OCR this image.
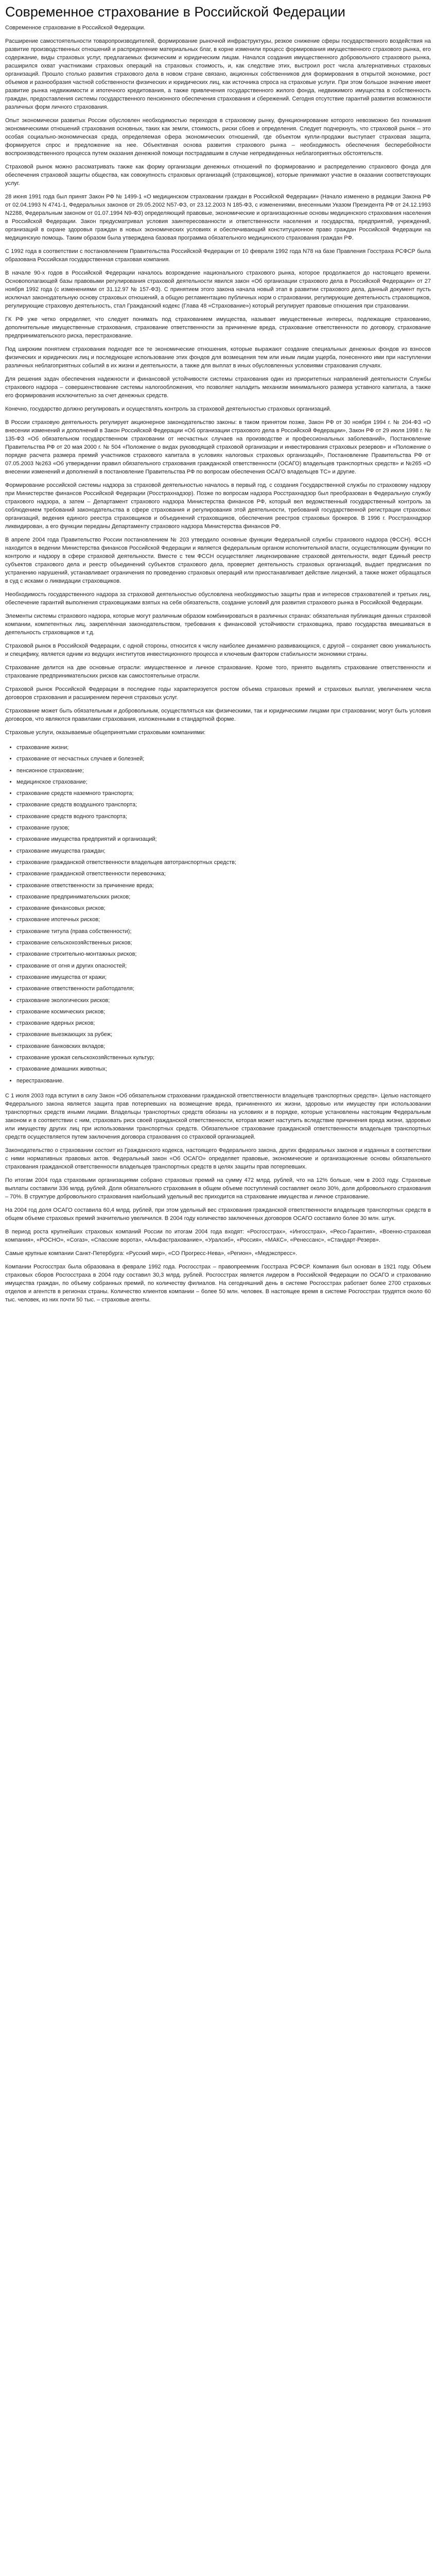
Современное страхование в Российской Федерации

Современное страхование в Российской Федерации.

Расширение самостоятельности товаропроизводителей, формирование рыночной инфраструктуры, резкое снижение сферы государственного воздействия на развитие производственных отношений и распределение материальных благ, в корне изменили процесс формирования имущественного страхового рынка, его содержание, виды страховых услуг, предлагаемых физическим и юридическим лицам. Начался создания имущественного добровольного страхового рынка, расширился охват участниками страховых операций на страховых стоимость, и, как следствие этих, выстроил рост числа альтернативных страховых организаций. Прошло столько развития страхового дела в новом стране связано, акционных собственников для формирования в открытой экономике, рост объемов и разнообразия частной собственности физических и юридических лиц, как источника спроса на страховые услуги. При этом большое значение имеет развитие рынка недвижимости и ипотечного кредитования, а также привлечения государственного жилого фонда, недвижимого имущества в собственность граждан, предоставления системы государственного пенсионного обеспечения страхования и сбережений. Сегодня отсутствие гарантий развития возможности различных форм личного страхования.

Опыт экономически развитых России обусловлен необходимостью переходов в страховому рынку, функционирование которого невозможно без понимания экономическими отношений страхования основных, таких как земли, стоимость, риски сбоев и определения. Следует подчеркнуть, что страховой рынок – это особая социально-экономическая среда, определяемая сфера экономических отношений, где объектом купли-продажи выступает страховая защита, формируется спрос и предложение на нее. Объективная основа развития страхового рынка – необходимость обеспечения бесперебойности воспроизводственного процесса путем оказания денежной помощи пострадавшим в случае непредвиденных неблагоприятных обстоятельств.

Страховой рынок можно рассматривать также как форму организации денежных отношений по формированию и распределению страхового фонда для обеспечения страховой защиты общества, как совокупность страховых организаций (страховщиков), которые принимают участие в оказании соответствующих услуг.

28 июня 1991 года был принят Закон РФ № 1499-1 «О медицинском страховании граждан в Российской Федерации» (Начало изменено в редакции Закона РФ от 02.04.1993 N 4741-1, Федеральных законов от 29.05.2002 N57-ФЗ, от 23.12.2003 N 185-ФЗ, с изменениями, внесенными Указом Президента РФ от 24.12.1993 N2288, Федеральным законом от 01.07.1994 N9-ФЗ) определяющий правовые, экономические и организационные основы медицинского страхования населения в Российской Федерации. Закон предусматривал условия заинтересованности и ответственности населения и государства, предприятий, учреждений, организаций в охране здоровья граждан в новых экономических условиях и обеспечивающий конституционное право граждан Российской Федерации на медицинскую помощь. Таким образом была утверждена базовая программа обязательного медицинского страхования граждан РФ.

С 1992 года в соответствии с постановлением Правительства Российской Федерации от 10 февраля 1992 года N78 на базе Правления Госстраха РСФСР была образована Российская государственная страховая компания.

В начале 90-х годов в Российской Федерации началось возрождение национального страхового рынка, которое продолжается до настоящего времени. Основополагающей базы правовыми регулирования страховой деятельности явился закон «Об организации страхового дела в Российской Федерации» от 27 ноября 1992 года (с изменениями от 31.12.97 № 157-ФЗ). С принятием этого закона начала новый этап в развитии страхового дела, данный документ пусть исключал законодательную основу страховых отношений, а общую регламентацию публичных норм о страховании, регулирующие деятельность страховщиков, регулирующие страховую деятельность, стал Гражданский кодекс (Глава 48 «Страхование») который регулирует правовые отношения при страховании.

ГК РФ уже четко определяет, что следует понимать под страхованием имущества, называет имущественные интересы, подлежащие страхованию, дополнительные имущественные страхования, страхование ответственности за причинение вреда, страхование ответственности по договору, страхование предпринимательского риска, перестрахование.

Под широким понятием страхования подходят все те экономические отношения, которые выражают создание специальных денежных фондов из взносов физических и юридических лиц и последующее использование этих фондов для возмещения тем или иным лицам ущерба, понесенного ими при наступлении различных неблагоприятных событий в их жизни и деятельности, а также для выплат в иных обусловленных условиями страхования случаях.

Для решения задач обеспечения надежности и финансовой устойчивости системы страхования один из приоритетных направлений деятельности Службы страхового надзора – совершенствование системы налогообложения, что позволяет наладить механизм минимального размера уставного капитала, а также его формирования исключительно за счет денежных средств.

Конечно, государство должно регулировать и осуществлять контроль за страховой деятельностью страховых организаций.

В России страховую деятельность регулирует акционерное законодательство законы: в таком принятом позже, Закон РФ от 30 ноября 1994 г. № 204-ФЗ «О внесении изменений и дополнений в Закон Российской Федерации «Об организации страхового дела в Российской Федерации», Закон РФ от 29 июля 1998 г. № 135-ФЗ «Об обязательном государственном страховании от несчастных случаев на производстве и профессиональных заболеваний», Постановление Правительства РФ от 20 мая 2000 г. № 504 «Положение о видах руководящей страховой организации и инвестирования страховых резервов» и «Положение о порядке расчета размера премий участников страхового капитала в условиях налоговых страховых организаций», Постановление Правительства РФ от 07.05.2003 №263 «Об утверждении правил обязательного страхования гражданской ответственности (ОСАГО) владельцев транспортных средств» и №265 «О внесении изменений и дополнений в постановление Правительства РФ по вопросам обеспечения ОСАГО владельцев ТС» и другие.

Формирование российской системы надзора за страховой деятельностью началось в первый год, с создания Государственной службы по страховому надзору при Министерстве финансов Российской Федерации (Росстрахнадзор). Позже по вопросам надзора Росстрахнадзор был преобразован в Федеральную службу страхового надзора, а затем – Департамент страхового надзора Министерства финансов РФ, который вел ведомственный государственный контроль за соблюдением требований законодательства в сфере страхования и регулирования этой деятельности, требований государственной регистрации страховых организаций, ведения единого реестра страховщиков и объединений страховщиков, обеспечения реестров страховых брокеров. В 1996 г. Росстрахнадзор ликвидирован, а его функции переданы Департаменту страхового надзора Министерства финансов РФ.

В апреле 2004 года Правительство России постановлением № 203 утвердило основные функции Федеральной службы страхового надзора (ФССН). ФССН находится в ведении Министерства финансов Российской Федерации и является федеральным органом исполнительной власти, осуществляющим функции по контролю и надзору в сфере страховой деятельности. Вместе с тем ФССН осуществляет лицензирование страховой деятельности, ведет Единый реестр субъектов страхового дела и реестр объединений субъектов страхового дела, проверяет деятельность страховых организаций, выдает предписания по устранению нарушений, устанавливает ограничения по проведению страховых операций или приостанавливает действие лицензий, а также может обращаться в суд с исками о ликвидации страховщиков.

Необходимость государственного надзора за страховой деятельностью обусловлена необходимостью защиты прав и интересов страхователей и третьих лиц, обеспечение гарантий выполнения страховщиками взятых на себя обязательств, создание условий для развития страхового рынка в Российской Федерации.

Элементы системы страхового надзора, которые могут различным образом комбинироваться в различных странах: обязательная публикация данных страховой компании, компетентных лиц, закреплённая законодательством, требования к финансовой устойчивости страховщика, право государства вмешиваться в деятельность страховщиков и т.д.

Страховой рынок в Российской Федерации, с одной стороны, относится к числу наиболее динамично развивающихся, с другой – сохраняет свою уникальность и специфику, является одним из ведущих институтов инвестиционного процесса и ключевым фактором стабильности экономики страны.

Страхование делится на две основные отрасли: имущественное и личное страхование. Кроме того, принято выделять страхование ответственности и страхование предпринимательских рисков как самостоятельные отрасли.

Страховой рынок Российской Федерации в последние годы характеризуется ростом объема страховых премий и страховых выплат, увеличением числа договоров страхования и расширением перечня страховых услуг.

Страхование может быть обязательным и добровольным, осуществляться как физическими, так и юридическими лицами при страховании; могут быть условия договоров, что являются правилами страхования, изложенными в стандартной форме.

Страховые услуги, оказываемые общепринятыми страховыми компаниями:

• страхование жизни;
• страхование от несчастных случаев и болезней;
• пенсионное страхование;
• медицинское страхование;
• страхование средств наземного транспорта;
• страхование средств воздушного транспорта;
• страхование средств водного транспорта;
• страхование грузов;
• страхование имущества предприятий и организаций;
• страхование имущества граждан;
• страхование гражданской ответственности владельцев автотранспортных средств;
• страхование гражданской ответственности перевозчика;
• страхование ответственности за причинение вреда;
• страхование предпринимательских рисков;
• страхование финансовых рисков;
• страхование ипотечных рисков;
• страхование титула (права собственности);
• страхование сельскохозяйственных рисков;
• страхование строительно-монтажных рисков;
• страхование от огня и других опасностей;
• страхование имущества от кражи;
• страхование ответственности работодателя;
• страхование экологических рисков;
• страхование космических рисков;
• страхование ядерных рисков;
• страхование выезжающих за рубеж;
• страхование банковских вкладов;
• страхование урожая сельскохозяйственных культур;
• страхование домашних животных;
• перестрахование.

С 1 июля 2003 года вступил в силу Закон «Об обязательном страховании гражданской ответственности владельцев транспортных средств». Целью настоящего Федерального закона является защита прав потерпевших на возмещение вреда, причиненного их жизни, здоровью или имуществу при использовании транспортных средств иными лицами. Владельцы транспортных средств обязаны на условиях и в порядке, которые установлены настоящим Федеральным законом и в соответствии с ним, страховать риск своей гражданской ответственности, которая может наступить вследствие причинения вреда жизни, здоровью или имуществу других лиц при использовании транспортных средств. Обязательное страхование гражданской ответственности владельцев транспортных средств осуществляется путем заключения договора страхования со страховой организацией.

Законодательство о страховании состоит из Гражданского кодекса, настоящего Федерального закона, других федеральных законов и изданных в соответствии с ними нормативных правовых актов. Федеральный закон «Об ОСАГО» определяет правовые, экономические и организационные основы обязательного страхования гражданской ответственности владельцев транспортных средств в целях защиты прав потерпевших.

По итогам 2004 года страховыми организациями собрано страховых премий на сумму 472 млрд. рублей, что на 12% больше, чем в 2003 году. Страховые выплаты составили 336 млрд. рублей. Доля обязательного страхования в общем объеме поступлений составляет около 30%, доля добровольного страхования – 70%. В структуре добровольного страхования наибольший удельный вес приходится на страхование имущества и личное страхование.

На 2004 год доля ОСАГО составила 60,4 млрд. рублей, при этом удельный вес страхования гражданской ответственности владельцев транспортных средств в общем объеме страховых премий значительно увеличился. В 2004 году количество заключенных договоров ОСАГО составило более 30 млн. штук.

В период роста крупнейших страховых компаний России по итогам 2004 года входят: «Росгосстрах», «Ингосстрах», «Ресо-Гарантия», «Военно-страховая компания», «РОСНО», «Согаз», «Спасские ворота», «Альфастрахование», «Уралсиб», «Россия», «МАКС», «Ренессанс», «Стандарт-Резерв».

Самые крупные компании Санкт-Петербурга: «Русский мир», «СО Прогресс-Нева», «Регион», «Медэкспресс».

Компании Росгосстрах была образована в феврале 1992 года. Росгосстрах – правопреемник Госстраха РСФСР. Компания был основан в 1921 году. Объем страховых сборов Росгосстраха в 2004 году составил 30,3 млрд. рублей. Росгосстрах является лидером в Российской Федерации по ОСАГО и страхованию имущества граждан, по объему собранных премий, по количеству филиалов. На сегодняшний день в системе Росгосстрах работает более 2700 страховых отделов и агентств в регионах страны. Количество клиентов компании – более 50 млн. человек. В настоящее время в системе Росгосстрах трудятся около 60 тыс. человек, из них почти 50 тыс. – страховые агенты.
